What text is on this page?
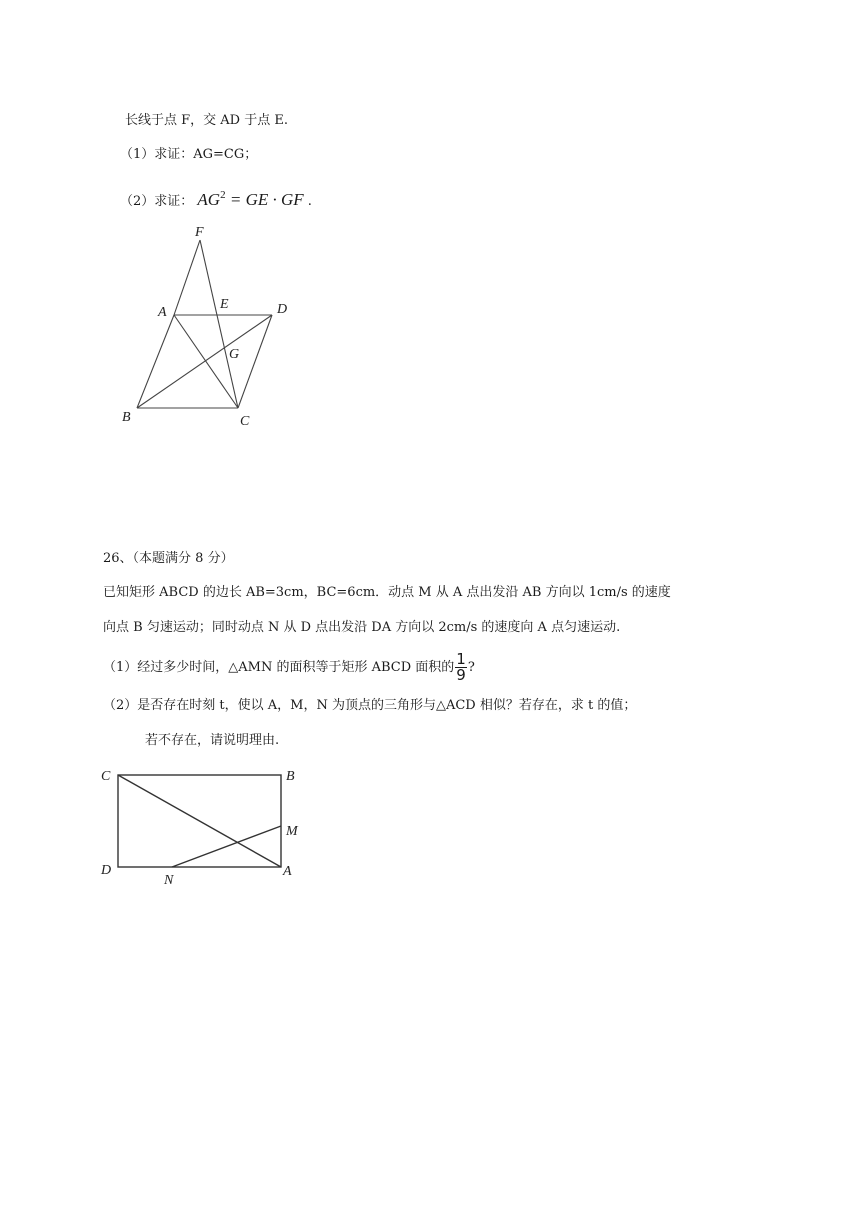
长线于点 F，交 AD 于点 E.
（1）求证：AG=CG；
（2）求证： $AG^2$ = GE · GF .
F
A
E	D
G
B	C
26、（本题满分 8 分）
已知矩形 ABCD 的边长 AB=3cm，BC=6cm．动点 M 从 A 点出发沿 AB 方向以 1cm/s 的速度
向点 B 匀速运动；同时动点 N 从 D 点出发沿 DA 方向以 2cm/s 的速度向 A 点匀速运动.
（1）经过多少时间，△AMN 的面积等于矩形 ABCD 面积的 $\frac{1}{9}$ ?
（2）是否存在时刻 t，使以 A，M，N 为顶点的三角形与△ACD 相似？若存在，求 t 的值；
若不存在，请说明理由.
C	B
M
D
N
A
